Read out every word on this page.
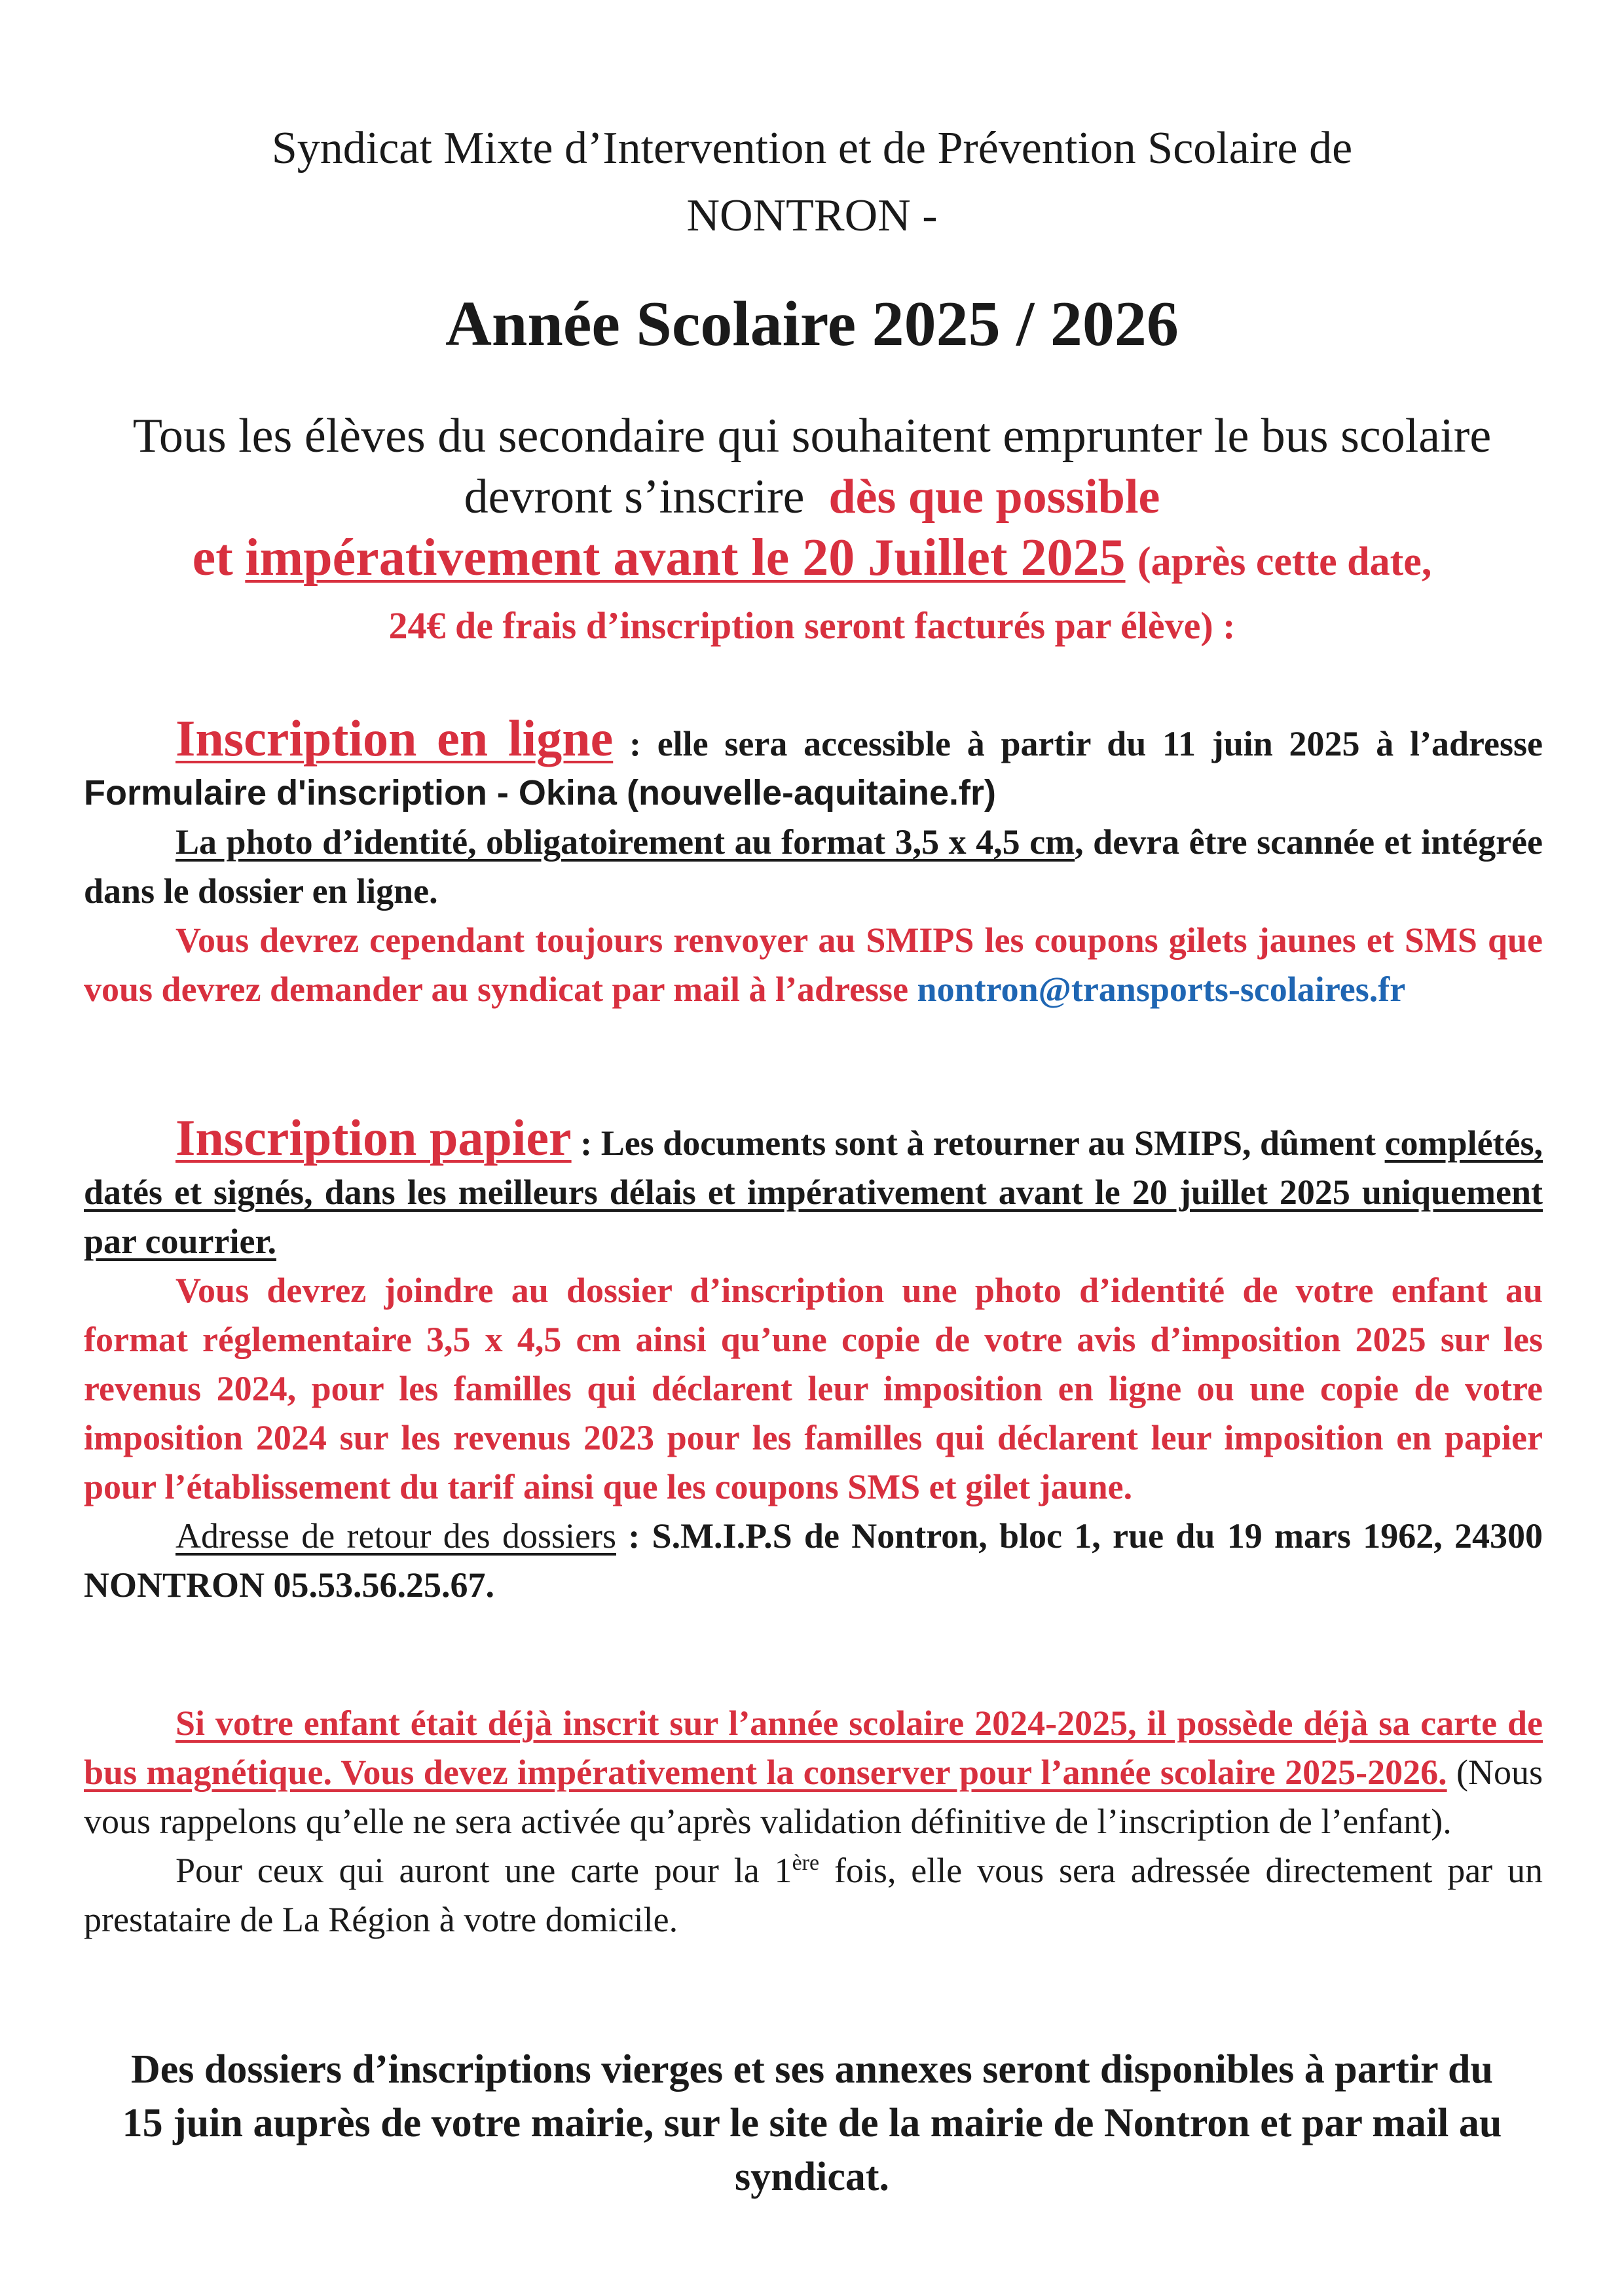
Syndicat Mixte d’Intervention et de Prévention Scolaire de
NONTRON -
Année Scolaire 2025 / 2026
Tous les élèves du secondaire qui souhaitent emprunter le bus scolaire devront s’inscrire dès que possible
et impérativement avant le 20 Juillet 2025 (après cette date,
24€ de frais d’inscription seront facturés par élève) :
Inscription en ligne : elle sera accessible à partir du 11 juin 2025 à l’adresse Formulaire d'inscription - Okina (nouvelle-aquitaine.fr)
La photo d’identité, obligatoirement au format 3,5 x 4,5 cm, devra être scannée et intégrée dans le dossier en ligne.
Vous devrez cependant toujours renvoyer au SMIPS les coupons gilets jaunes et SMS que vous devrez demander au syndicat par mail à l’adresse nontron@transports-scolaires.fr
Inscription papier : Les documents sont à retourner au SMIPS, dûment complétés, datés et signés, dans les meilleurs délais et impérativement avant le 20 juillet 2025 uniquement par courrier.
Vous devrez joindre au dossier d’inscription une photo d’identité de votre enfant au format réglementaire 3,5 x 4,5 cm ainsi qu’une copie de votre avis d’imposition 2025 sur les revenus 2024, pour les familles qui déclarent leur imposition en ligne ou une copie de votre imposition 2024 sur les revenus 2023 pour les familles qui déclarent leur imposition en papier pour l’établissement du tarif ainsi que les coupons SMS et gilet jaune.
Adresse de retour des dossiers : S.M.I.P.S de Nontron, bloc 1, rue du 19 mars 1962, 24300 NONTRON 05.53.56.25.67.
Si votre enfant était déjà inscrit sur l’année scolaire 2024-2025, il possède déjà sa carte de bus magnétique. Vous devez impérativement la conserver pour l’année scolaire 2025-2026. (Nous vous rappelons qu’elle ne sera activée qu’après validation définitive de l’inscription de l’enfant).
Pour ceux qui auront une carte pour la 1ère fois, elle vous sera adressée directement par un prestataire de La Région à votre domicile.
Des dossiers d’inscriptions vierges et ses annexes seront disponibles à partir du 15 juin auprès de votre mairie, sur le site de la mairie de Nontron et par mail au syndicat.
